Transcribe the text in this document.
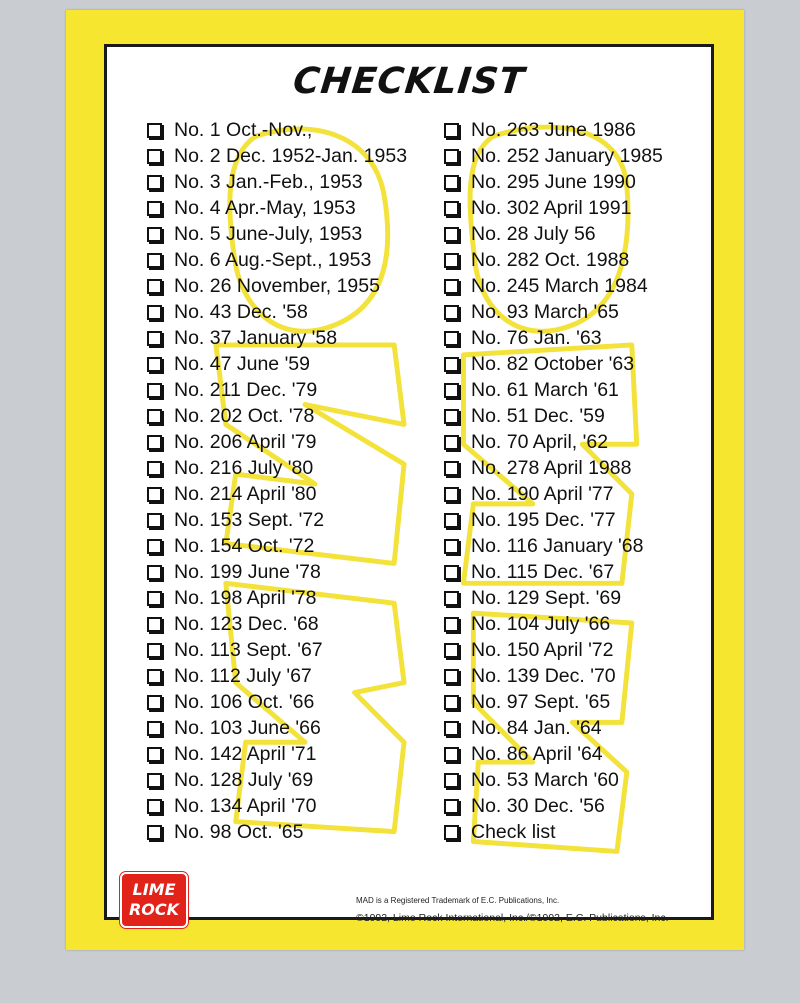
CHECKLIST
No. 1 Oct.-Nov.,
No. 2 Dec. 1952-Jan. 1953
No. 3 Jan.-Feb., 1953
No. 4 Apr.-May, 1953
No. 5 June-July, 1953
No. 6 Aug.-Sept., 1953
No. 26 November, 1955
No. 43 Dec. '58
No. 37 January '58
No. 47 June '59
No. 211 Dec. '79
No. 202 Oct. '78
No. 206 April '79
No. 216 July '80
No. 214 April '80
No. 153 Sept. '72
No. 154 Oct. '72
No. 199 June '78
No. 198 April '78
No. 123 Dec. '68
No. 113 Sept. '67
No. 112 July '67
No. 106 Oct. '66
No. 103 June '66
No. 142 April '71
No. 128 July '69
No. 134 April '70
No. 98 Oct. '65
No. 263 June 1986
No. 252 January 1985
No. 295 June 1990
No. 302 April 1991
No. 28 July 56
No. 282 Oct. 1988
No. 245 March 1984
No. 93 March '65
No. 76 Jan. '63
No. 82 October '63
No. 61 March '61
No. 51 Dec. '59
No. 70 April, '62
No. 278 April 1988
No. 190 April '77
No. 195 Dec. '77
No. 116 January '68
No. 115 Dec. '67
No. 129 Sept. '69
No. 104 July '66
No. 150 April '72
No. 139 Dec. '70
No. 97 Sept. '65
No. 84 Jan. '64
No. 86 April '64
No. 53 March '60
No. 30 Dec. '56
Check list
LIME
ROCK	MAD is a Registered Trademark of E.C. Publications, Inc.
©1992, Lime Rock International, Inc./©1992, E.C. Publications, Inc.
